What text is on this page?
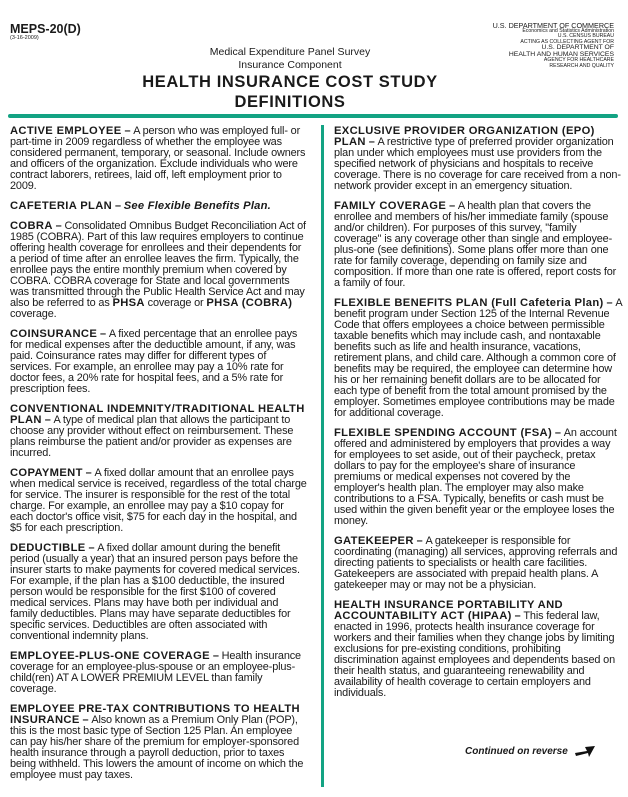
MEPS-20(D)
(3-16-2009)
U.S. DEPARTMENT OF COMMERCE
Economics and Statistics Administration
U.S. CENSUS BUREAU
ACTING AS COLLECTING AGENT FOR
U.S. DEPARTMENT OF
HEALTH AND HUMAN SERVICES
AGENCY FOR HEALTHCARE
RESEARCH AND QUALITY
Medical Expenditure Panel Survey
Insurance Component
HEALTH INSURANCE COST STUDY
DEFINITIONS

ACTIVE EMPLOYEE – A person who was employed full- or part-time in 2009 regardless of whether the employee was considered permanent, temporary, or seasonal. Include owners and officers of the organization. Exclude individuals who were contract laborers, retirees, laid off, left employment prior to 2009.

CAFETERIA PLAN – See Flexible Benefits Plan.

COBRA – Consolidated Omnibus Budget Reconciliation Act of 1985 (COBRA). Part of this law requires employers to continue offering health coverage for enrollees and their dependents for a period of time after an enrollee leaves the firm. Typically, the enrollee pays the entire monthly premium when covered by COBRA. COBRA coverage for State and local governments was transmitted through the Public Health Service Act and may also be referred to as PHSA coverage or PHSA (COBRA) coverage.

COINSURANCE – A fixed percentage that an enrollee pays for medical expenses after the deductible amount, if any, was paid. Coinsurance rates may differ for different types of services. For example, an enrollee may pay a 10% rate for doctor fees, a 20% rate for hospital fees, and a 5% rate for prescription fees.

CONVENTIONAL INDEMNITY/TRADITIONAL HEALTH PLAN – A type of medical plan that allows the participant to choose any provider without effect on reimbursement. These plans reimburse the patient and/or provider as expenses are incurred.

COPAYMENT – A fixed dollar amount that an enrollee pays when medical service is received, regardless of the total charge for service. The insurer is responsible for the rest of the total charge. For example, an enrollee may pay a $10 copay for each doctor's office visit, $75 for each day in the hospital, and $5 for each prescription.

DEDUCTIBLE – A fixed dollar amount during the benefit period (usually a year) that an insured person pays before the insurer starts to make payments for covered medical services. For example, if the plan has a $100 deductible, the insured person would be responsible for the first $100 of covered medical services. Plans may have both per individual and family deductibles. Plans may have separate deductibles for specific services. Deductibles are often associated with conventional indemnity plans.

EMPLOYEE-PLUS-ONE COVERAGE – Health insurance coverage for an employee-plus-spouse or an employee-plus-child(ren) AT A LOWER PREMIUM LEVEL than family coverage.

EMPLOYEE PRE-TAX CONTRIBUTIONS TO HEALTH INSURANCE – Also known as a Premium Only Plan (POP), this is the most basic type of Section 125 Plan. An employee can pay his/her share of the premium for employer-sponsored health insurance through a payroll deduction, prior to taxes being withheld. This lowers the amount of income on which the employee must pay taxes.

EXCLUSIVE PROVIDER ORGANIZATION (EPO) PLAN – A restrictive type of preferred provider organization plan under which employees must use providers from the specified network of physicians and hospitals to receive coverage. There is no coverage for care received from a non-network provider except in an emergency situation.

FAMILY COVERAGE – A health plan that covers the enrollee and members of his/her immediate family (spouse and/or children). For purposes of this survey, "family coverage" is any coverage other than single and employee-plus-one (see definitions). Some plans offer more than one rate for family coverage, depending on family size and composition. If more than one rate is offered, report costs for a family of four.

FLEXIBLE BENEFITS PLAN (Full Cafeteria Plan) – A benefit program under Section 125 of the Internal Revenue Code that offers employees a choice between permissible taxable benefits which may include cash, and nontaxable benefits such as life and health insurance, vacations, retirement plans, and child care. Although a common core of benefits may be required, the employee can determine how his or her remaining benefit dollars are to be allocated for each type of benefit from the total amount promised by the employer. Sometimes employee contributions may be made for additional coverage.

FLEXIBLE SPENDING ACCOUNT (FSA) – An account offered and administered by employers that provides a way for employees to set aside, out of their paycheck, pretax dollars to pay for the employee's share of insurance premiums or medical expenses not covered by the employer's health plan. The employer may also make contributions to a FSA. Typically, benefits or cash must be used within the given benefit year or the employee loses the money.

GATEKEEPER – A gatekeeper is responsible for coordinating (managing) all services, approving referrals and directing patients to specialists or health care facilities. Gatekeepers are associated with prepaid health plans. A gatekeeper may or may not be a physician.

HEALTH INSURANCE PORTABILITY AND ACCOUNTABILITY ACT (HIPAA) – This federal law, enacted in 1996, protects health insurance coverage for workers and their families when they change jobs by limiting exclusions for pre-existing conditions, prohibiting discrimination against employees and dependents based on their health status, and guaranteeing renewability and availability of health coverage to certain employers and individuals.

Continued on reverse
